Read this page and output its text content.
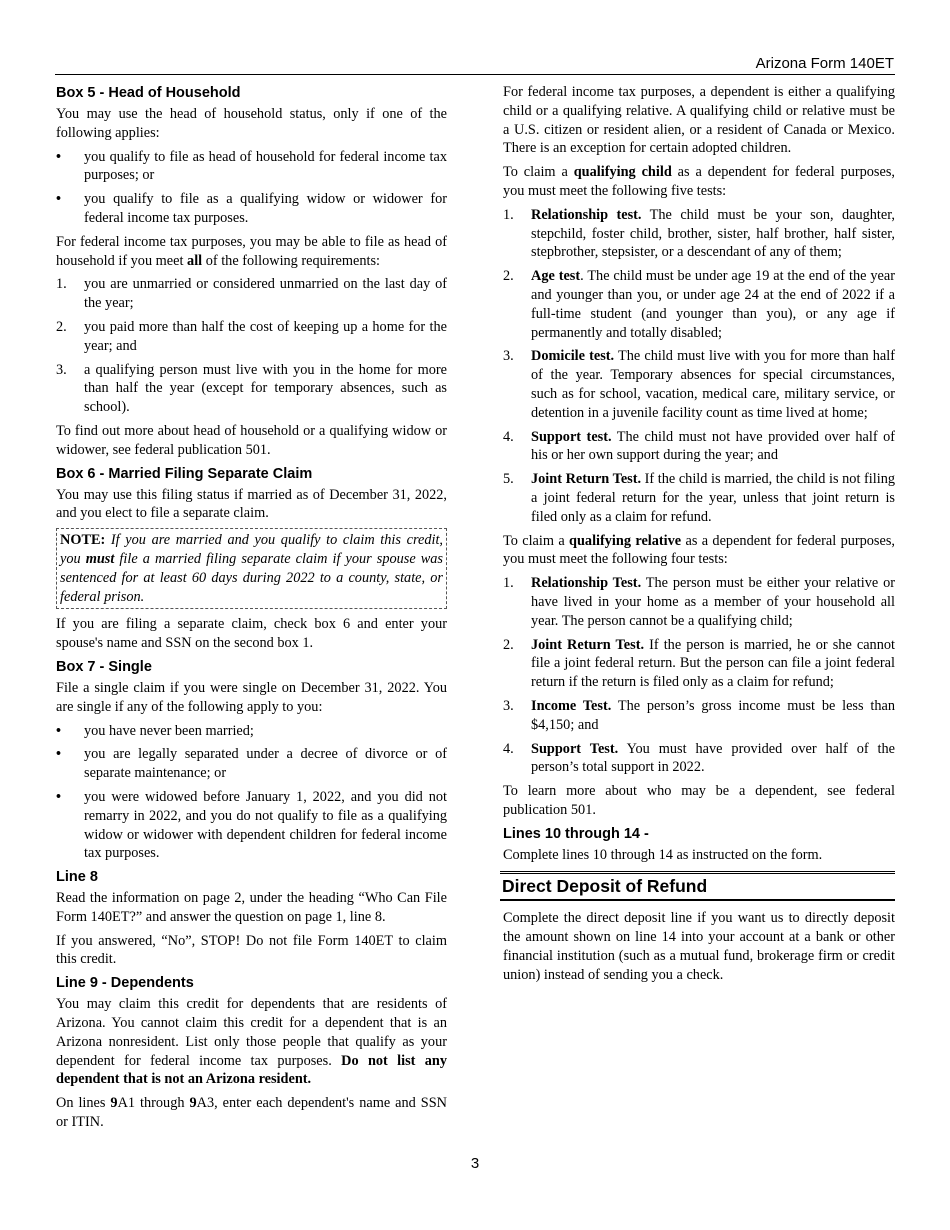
Arizona Form 140ET
Box 5 - Head of Household

You may use the head of household status, only if one of the following applies:

• you qualify to file as head of household for federal income tax purposes; or
• you qualify to file as a qualifying widow or widower for federal income tax purposes.

For federal income tax purposes, you may be able to file as head of household if you meet all of the following requirements:

1. you are unmarried or considered unmarried on the last day of the year;
2. you paid more than half the cost of keeping up a home for the year; and
3. a qualifying person must live with you in the home for more than half the year (except for temporary absences, such as school).

To find out more about head of household or a qualifying widow or widower, see federal publication 501.

Box 6 - Married Filing Separate Claim

You may use this filing status if married as of December 31, 2022, and you elect to file a separate claim.

NOTE: If you are married and you qualify to claim this credit, you must file a married filing separate claim if your spouse was sentenced for at least 60 days during 2022 to a county, state, or federal prison.

If you are filing a separate claim, check box 6 and enter your spouse's name and SSN on the second box 1.

Box 7 - Single

File a single claim if you were single on December 31, 2022. You are single if any of the following apply to you:

• you have never been married;
• you are legally separated under a decree of divorce or of separate maintenance; or
• you were widowed before January 1, 2022, and you did not remarry in 2022, and you do not qualify to file as a qualifying widow or widower with dependent children for federal income tax purposes.
Line 8

Read the information on page 2, under the heading “Who Can File Form 140ET?” and answer the question on page 1, line 8.

If you answered, “No”, STOP! Do not file Form 140ET to claim this credit.

Line 9 - Dependents

You may claim this credit for dependents that are residents of Arizona. You cannot claim this credit for a dependent that is an Arizona nonresident. List only those people that qualify as your dependent for federal income tax purposes. Do not list any dependent that is not an Arizona resident.

On lines 9A1 through 9A3, enter each dependent's name and SSN or ITIN.

For federal income tax purposes, a dependent is either a qualifying child or a qualifying relative. A qualifying child or relative must be a U.S. citizen or resident alien, or a resident of Canada or Mexico. There is an exception for certain adopted children.

To claim a qualifying child as a dependent for federal purposes, you must meet the following five tests:

1. Relationship test. The child must be your son, daughter, stepchild, foster child, brother, sister, half brother, half sister, stepbrother, stepsister, or a descendant of any of them;
2. Age test. The child must be under age 19 at the end of the year and younger than you, or under age 24 at the end of 2022 if a full-time student (and younger than you), or any age if permanently and totally disabled;
3. Domicile test. The child must live with you for more than half of the year. Temporary absences for special circumstances, such as for school, vacation, medical care, military service, or detention in a juvenile facility count as time lived at home;
4. Support test. The child must not have provided over half of his or her own support during the year; and
5. Joint Return Test. If the child is married, the child is not filing a joint federal return for the year, unless that joint return is filed only as a claim for refund.

To claim a qualifying relative as a dependent for federal purposes, you must meet the following four tests:

1. Relationship Test. The person must be either your relative or have lived in your home as a member of your household all year. The person cannot be a qualifying child;
2. Joint Return Test. If the person is married, he or she cannot file a joint federal return. But the person can file a joint federal return if the return is filed only as a claim for refund;
3. Income Test. The person’s gross income must be less than $4,150; and
4. Support Test. You must have provided over half of the person’s total support in 2022.

To learn more about who may be a dependent, see federal publication 501.

Lines 10 through 14 -

Complete lines 10 through 14 as instructed on the form.

Direct Deposit of Refund

Complete the direct deposit line if you want us to directly deposit the amount shown on line 14 into your account at a bank or other financial institution (such as a mutual fund, brokerage firm or credit union) instead of sending you a check.

3
